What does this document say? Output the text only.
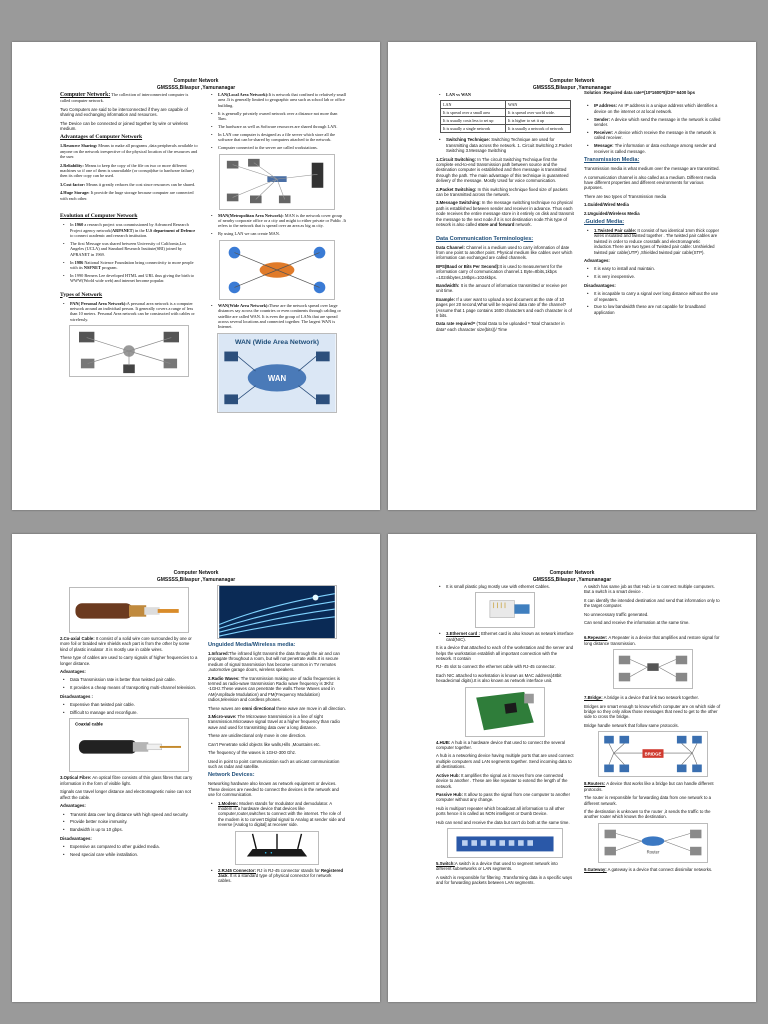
Computer Network
GMSSSS,Bilaspur ,Yamunanagar

Computer Network: The collection of interconnected computer is called computer network.

Two Computers are said to be interconnected if they are capable of sharing and exchanging information and resources.

The Device can be connected or joined together by wire or wireless medium.

Advantages of Computer Network

1.Resource Sharing: Means to make all programs ,data peripherals available to anyone on the network irrespective of the physical location of the resources and the user.

2.Reliability: Means to keep the copy of the file on two or more different machines so if one of them is unavailable (or corrupt)due to hardware failure) then its other copy can be used.

3.Cost factor: Means it greatly reduces the cost since resources can be shared.

4.Huge Storage: It provide the huge storage because computer are connected with each other.

Evolution of Computer Network
• In 1960 a research project was commissioned by Advanced Research Project agency network(ARPANET) in the U.S department of Defence to connect academic and research institution.
• The first Message was shared between University of California,Los Angeles (UCLA) and Standard Research Institute(SRI) joined by APRANET in 1969.
• In 1986 National Science Foundation bring connectivity to more people with its NSFNET program.
• In 1990 Berners Lee developed HTML and URL thus giving the birth to WWW(World wide web) and internet become popular.
Types of Network
• PAN( Personal Area Network):A personal area network is a computer network around an individual person. It generally covers a range of less than 10 meters. Personal Area network can be constructed with cables or wirelessly.
• LAN(Local Area Network):It is network that confined to relatively small area .It is generally limited to geographic area such as school lab or office building.
• It is generally privately owned network over a distance not more than 5km.
• The hardware as well as Software resources are shared through LAN.
• In LAN one computer is designed as a file server which store all the software that can be shared by computers attached to the network.
• Computer connected to the server are called workstations.
• MAN(Metropolitan Area Network): MAN is the network cover group of nearby corporate office or a city and might to either private or Public .It refers to the network that is spread over an area as big as city.
• By using LAN we can create MAN.
• WAN(Wide Area Network):These are the network spread over large distances say across the countries or even continents through cabling or satellite are called WAN. It is even the group of LANs that are spread across several locations and connected together. The largest WAN is Internet.
WAN (Wide Area Network)
WAN
Computer Network
GMSSSS,Bilaspur ,Yamunanagar
• LAN vs WAN
LAN	WAN
It is spread over a small area	It is spread over world wide.
It is usually costs less to set up	It is higher to set it up
It is usually a single network	It is usually a network of network
• Switching Technique: Switching Technique are used for transmitting data across the network. 1. Circuit Switching 2.Packet Switching 3.Message Switching

1.Circuit Switching: In The circuit Switching Technique first the complete end-to-end transmission path between source and the destination computer is established and then message is transmitted through the path. The main advantage of this technique is guaranteed delivery of the message. Mostly Used for voice communication.

2.Packet Switching: In this switching technique fixed size of packets can be transmitted across the network.

3.Message Switching: In the message switching technique no physical path is established between sender and receiver in advance. Thus each node receives the entire message store in it entirely on disk and transmit the message to the next node.if it is not destination node.This type of network is also called store and forward network.

Data Communication Terminologies:

Data Channel: Channel is a medium used to carry information of date from one point to another point. Physical medium like cables over which information can exchanged are called channels.

BPS(Baud or Bits Per Second):It is used to measurement for the information carry of communication channel.1 Byte=8bits,1kbps =1024kbytes,1Mbps=1024kbps.

Bandwidth: It is the amount of information transmitted or receive per unit time.

Example: If a user want to upload a text document at the rate of 10 pages per 20 second,What will be required data rate of the channel?(Assume that 1 page contains 1600 characters and each character is of 8 bits.

Data rate required= (Total Data to be uploaded * Total Character in data* each character size(bits))/ Time

Solution :Required data rate=(10*1600*8)/20= 6400 bps

• IP address: An IP address is a unique address which identifies a device on the internet or at local network.
• Sender: A device which send the message in the network is called sender.
• Receiver: A device which receive the message in the network is called receiver.
• Message: The information or data exchange among sender and receiver is called message.
Transmission Media:

Transmission media is what medium over the message are transmitted.

A communication channel is also called as a medium. Different media have different properties and different environments for various purposes.

There are two types of Transmission media

1.Guided/Wired Media

2.Unguided/Wireless Media

.Guided Media:
• 1.Twisted Pair cable: It consist of two identical 1mm thick copper wires insulated and twisted together . The twisted pair cables are twisted in order to reduce crosstalk and electromagnetic induction.There are two types of Twisted pair cable: Unshielded twisted pair cable(UTP) ,Shielded twisted pair cable(STP).

Advantages:

• It is easy to install and maintain.
• It is very inexpensive.

Disadvantages:

• It is incapable to carry a signal over long distance without the use of repeaters.
• Due to low bandwidth these are not capable for broadband application
Computer Network
GMSSSS,Bilaspur ,Yamunanagar

2.Co-axial Cable: It consist of a solid wire core surrounded by one or more foil or braided wire shields each part is from the other by some kind of plastic insulator .It is mostly use in cable wires.

These type of cables are used to carry signals of higher frequencies to a longer distance.

Advantages:

• Data Transmission rate is better than twisted pair cable.
• It provides a cheap means of transporting multi-channel television.

Disadvantages :

• Expensive than twisted pair cable.
• Difficult to manage and reconfigure.
Coaxial cable

3.Optical Fibre: An optical fibre consists of thin glass fibres that carry information in the form of visible light.

Signals can travel longer distance and electromagnetic noise can not affect the cable.

Advantages:

• Transmit data over long distance with high speed and security.
• Provide better noise immunity.
• Bandwidth is up to 10 gbps.

Disadvantages:

• Expensive as compared to other guided media.
• Need special care while installation.
Unguided Media/Wireless media:

1.Infrared:The infrared light transmit the data through the air and can propagate throughout a room, but will not penetrate walls.It is secure medium of signal transmission has become common in TV remotes ,automotive garage doors, wireless speakers.

2.Radio Waves: The transmission making use of radio frequencies is termed as radio-wave transmission Radio wave frequency is 3Khz -1GHz.These waves can penetrate the walls.These Waves used in AM(Amplitude Modulation) and FM(Frequency Modulation) radios,television and cordless phones.

These waves are omni directional these wave are move in all direction.

3.Micro-wave: The Microwave transmission is a line of sight transmission.Microwave signal travel at a higher frequency than radio wave and used for transmitting data over a long distance.

These are unidirectional only move in one direction.

Can't Penetrate solid objects like walls,Hills ,Mountains etc.

The frequency of the waves is 1GHz-300 Ghz.

Used in point to point communication such as unicast communication such as radar and satellite.

Network Devices:

Networking hardware also known as network equipment or devices. These devices are needed to connect the devices in the network and use for communication.

• 1.Modem: Modem stands for modulator and demodulator. A modem is a hardware device that devices like computer,router,switches to connect with the internet. The role of the modem is to convert Digital signal to Analog at sender side and reverse [Analog to digital] at receiver side.
• 2.RJ45 Connector: RJ in RJ-45 connector stands for Registered Jack. It is a standard type of physical connector for network cables.
Computer Network
GMSSSS,Bilaspur ,Yamunanagar
• It is small plastic plug mostly use with ethernet Cables.
• 3.Ethernet card : Ethernet card is also known as network interface card(NIC).

It is a device that attached to each of the workstation and the server and helps the workstation establish all important connection with the network. It contain

RJ- 45 slot to connect the ethernet cable with RJ-45 connector.

Each NIC attached to workstation is known as MAC address(48bit hexadecimal digits).It is also known as network interface unit.

4.HUB: A hub is a hardware device that used to connect the several computer together.

A hub is a networking device having multiple ports that are used connect multiple computers and LAN segments together. Send incoming data to all destinations.

Active Hub: It amplifies the signal as it moves from one connected device to another . These are like repeater to extend the length of the network.

Passive Hub: It allow to pass the signal from one computer to another computer without any change.

Hub is multiport repeater which broadcast all information to all other ports hence it is called as NON intelligent or Dumb Device.

Hub can send and receive the data but can't do both at the same time.

5.Switch:A switch is a device that used to segment network into different subnetworks or LAN segments.

A switch is responsible for filtering .Transforming data in a specific ways and for forwarding packets between LAN segments.

A switch has same job as that Hub i.e to connect multiple computers. But a switch is a smart device .

It can identify the intended destination and send that information only to the target computer.

No unnecessary traffic generated.

Can send and receive the information at the same time.

6.Repeater: A Repeater is a device that amplifies and restore signal for long distance transmission.

7.Bridge: A bridge is a device that link two network together.

Bridges are smart enough to know which computer are on which side of bridge so they only allow those messages that need to get to the other side to cross the bridge.

Bridge handle network that follow same protocols.

BRIDGE

8.Routers: A device that works like a bridge but can handle different protocols.

The router is responsible for forwarding data from one network to a different network.

If the destination is unknown to the router ,it sends the traffic to the another router which knows the destination.

Router

9.Gateway: A gateway is a device that connect dissimilar networks.
